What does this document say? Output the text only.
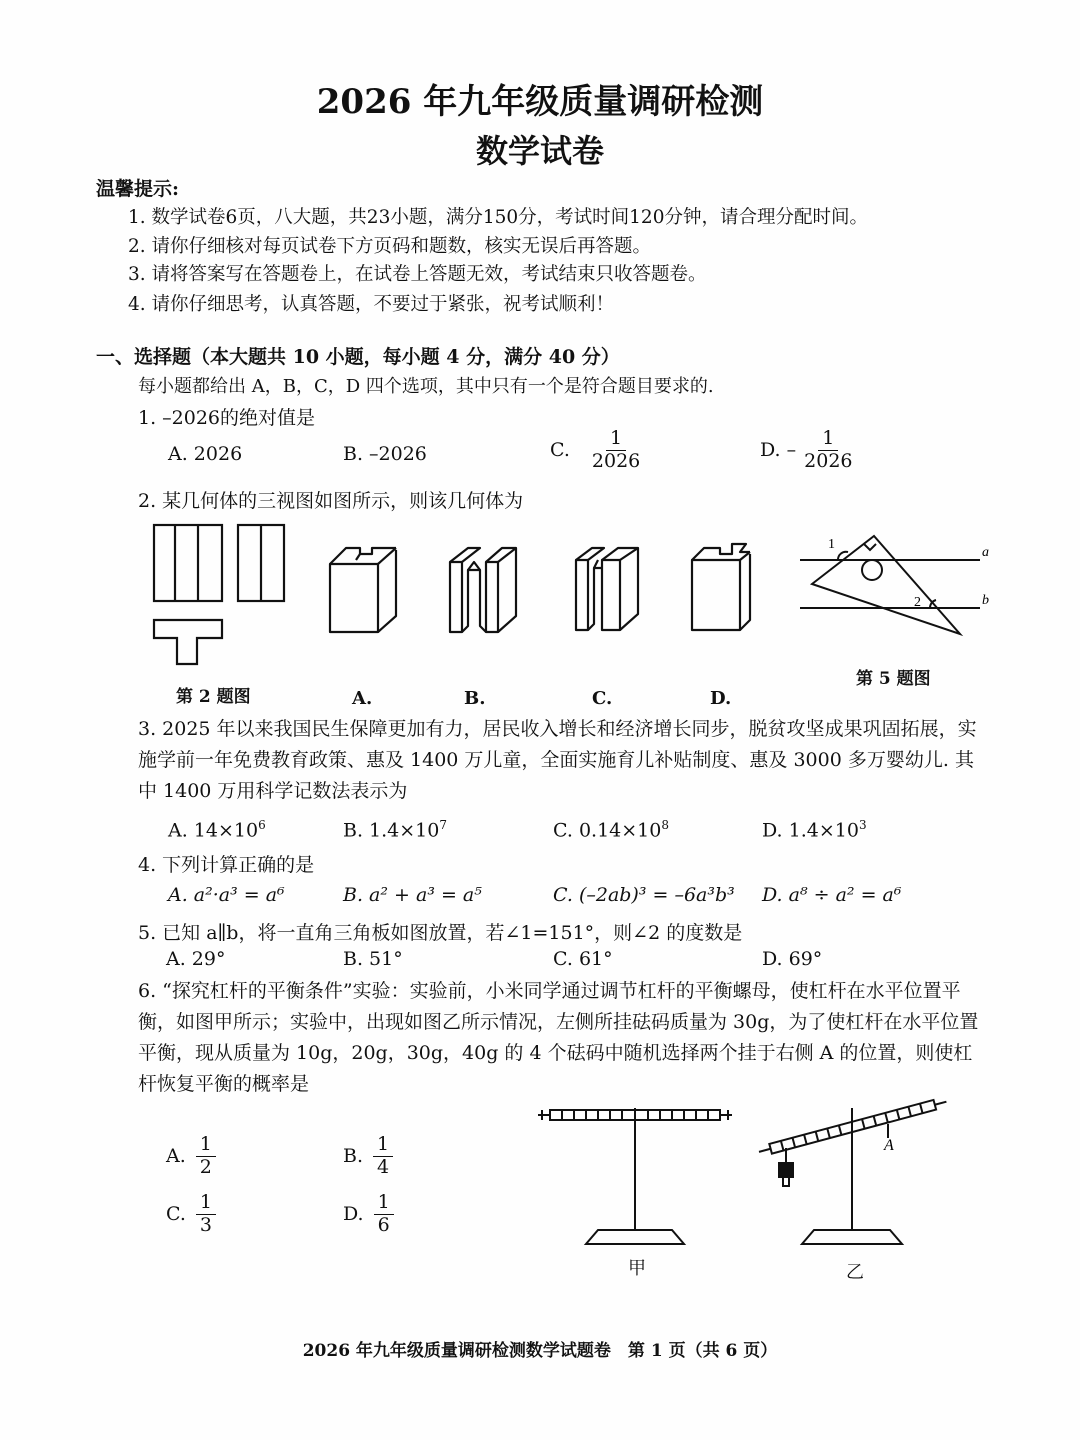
2026 年九年级质量调研检测
数学试卷
温馨提示:
1. 数学试卷6页，八大题，共23小题，满分150分，考试时间120分钟，请合理分配时间。
2. 请你仔细核对每页试卷下方页码和题数，核实无误后再答题。
3. 请将答案写在答题卷上，在试卷上答题无效，考试结束只收答题卷。
4. 请你仔细思考，认真答题，不要过于紧张，祝考试顺利！
一、选择题（本大题共 10 小题，每小题 4 分，满分 40 分）
每小题都给出 A，B，C，D 四个选项，其中只有一个是符合题目要求的.
1. –2026的绝对值是
A. 2026	B. –2026	C. $\frac{1}{2026}$	D. – $\frac{1}{2026}$
2. 某几何体的三视图如图所示，则该几何体为
第 2 题图	A.	B.	C.	D.
1
2
a
b
第 5 题图
3. 2025 年以来我国民生保障更加有力，居民收入增长和经济增长同步，脱贫攻坚成果巩固拓展，实施学前一年免费教育政策、惠及 1400 万儿童，全面实施育儿补贴制度、惠及 3000 多万婴幼儿. 其中 1400 万用科学记数法表示为
A. $14\times 10^6$	B. $1.4\times 10^7$	C. $0.14\times 10^8$	D. $1.4\times 10^3$
4. 下列计算正确的是
A. a²·a³ = a⁶	B. a² + a³ = a⁵	C. (–2ab)³ = –6a³b³ D. a⁸ ÷ a² = a⁶
5. 已知 a∥b，将一直角三角板如图放置，若∠1=151°，则∠2 的度数是
A. 29°	B. 51°	C. 61°	D. 69°
6. “探究杠杆的平衡条件”实验：实验前，小米同学通过调节杠杆的平衡螺母，使杠杆在水平位置平衡，如图甲所示；实验中，出现如图乙所示情况，左侧所挂砝码质量为 30g，为了使杠杆在水平位置平衡，现从质量为 10g，20g，30g，40g 的 4 个砝码中随机选择两个挂于右侧 A 的位置，则使杠杆恢复平衡的概率是
A. $\frac{1}{2}$	B. $\frac{1}{4}$
C. $\frac{1}{3}$	D. $\frac{1}{6}$
甲
A
乙
2026 年九年级质量调研检测数学试题卷　第 1 页（共 6 页）
